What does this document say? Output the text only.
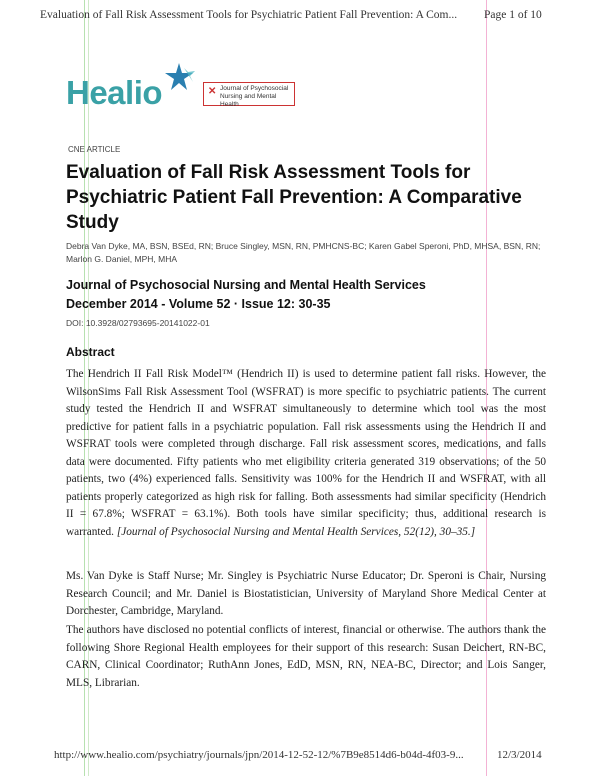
Evaluation of Fall Risk Assessment Tools for Psychiatric Patient Fall Prevention: A Com... Page 1 of 10
Healio	✕ Journal of Psychosocial Nursing and Mental Health
CNE ARTICLE
Evaluation of Fall Risk Assessment Tools for Psychiatric Patient Fall Prevention: A Comparative Study
Debra Van Dyke, MA, BSN, BSEd, RN; Bruce Singley, MSN, RN, PMHCNS-BC; Karen Gabel Speroni, PhD, MHSA, BSN, RN; Marlon G. Daniel, MPH, MHA
Journal of Psychosocial Nursing and Mental Health Services
December 2014 - Volume 52 · Issue 12: 30-35
DOI: 10.3928/02793695-20141022-01
Abstract
The Hendrich II Fall Risk Model™ (Hendrich II) is used to determine patient fall risks. However, the WilsonSims Fall Risk Assessment Tool (WSFRAT) is more specific to psychiatric patients. The current study tested the Hendrich II and WSFRAT simultaneously to determine which tool was the most predictive for patient falls in a psychiatric population. Fall risk assessments using the Hendrich II and WSFRAT tools were completed through discharge. Fall risk assessment scores, medications, and falls data were documented. Fifty patients who met eligibility criteria generated 319 observations; of the 50 patients, two (4%) experienced falls. Sensitivity was 100% for the Hendrich II and WSFRAT, with all patients properly categorized as high risk for falling. Both assessments had similar specificity (Hendrich II = 67.8%; WSFRAT = 63.1%). Both tools have similar specificity; thus, additional research is warranted. [Journal of Psychosocial Nursing and Mental Health Services, 52(12), 30–35.]
Ms. Van Dyke is Staff Nurse; Mr. Singley is Psychiatric Nurse Educator; Dr. Speroni is Chair, Nursing Research Council; and Mr. Daniel is Biostatistician, University of Maryland Shore Medical Center at Dorchester, Cambridge, Maryland.
The authors have disclosed no potential conflicts of interest, financial or otherwise. The authors thank the following Shore Regional Health employees for their support of this research: Susan Deichert, RN-BC, CARN, Clinical Coordinator; RuthAnn Jones, EdD, MSN, RN, NEA-BC, Director; and Lois Sanger, MLS, Librarian.
http://www.healio.com/psychiatry/journals/jpn/2014-12-52-12/%7B9e8514d6-b04d-4f03-9...	12/3/2014
